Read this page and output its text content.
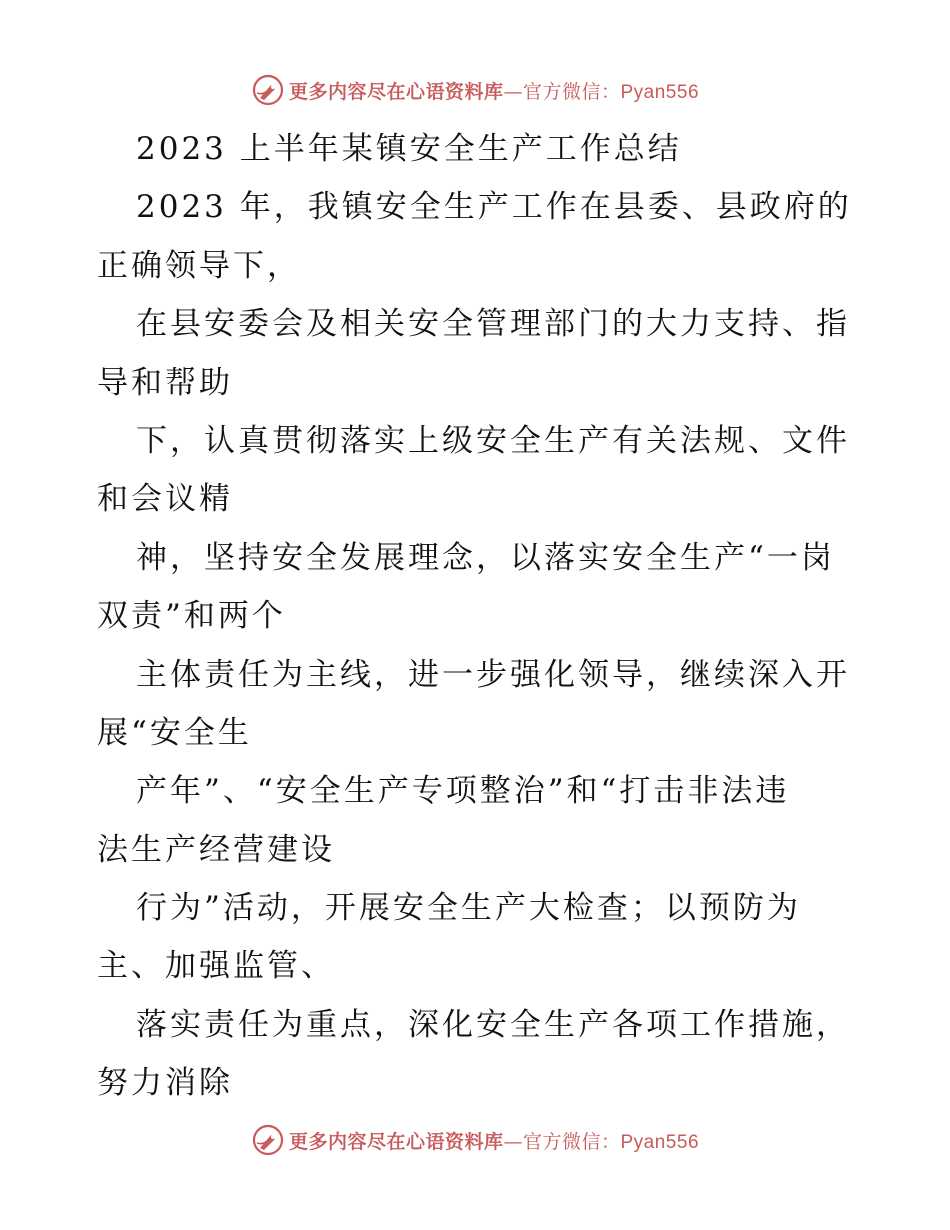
更多内容尽在心语资料库—官方微信：Pyan556
2023 上半年某镇安全生产工作总结
2023 年，我镇安全生产工作在县委、县政府的
正确领导下，
在县安委会及相关安全管理部门的大力支持、指
导和帮助
下，认真贯彻落实上级安全生产有关法规、文件
和会议精
神，坚持安全发展理念，以落实安全生产“一岗
双责”和两个
主体责任为主线，进一步强化领导，继续深入开
展“安全生
产年”、“安全生产专项整治”和“打击非法违
法生产经营建设
行为”活动，开展安全生产大检查；以预防为
主、加强监管、
落实责任为重点，深化安全生产各项工作措施，
努力消除
更多内容尽在心语资料库—官方微信：Pyan556
